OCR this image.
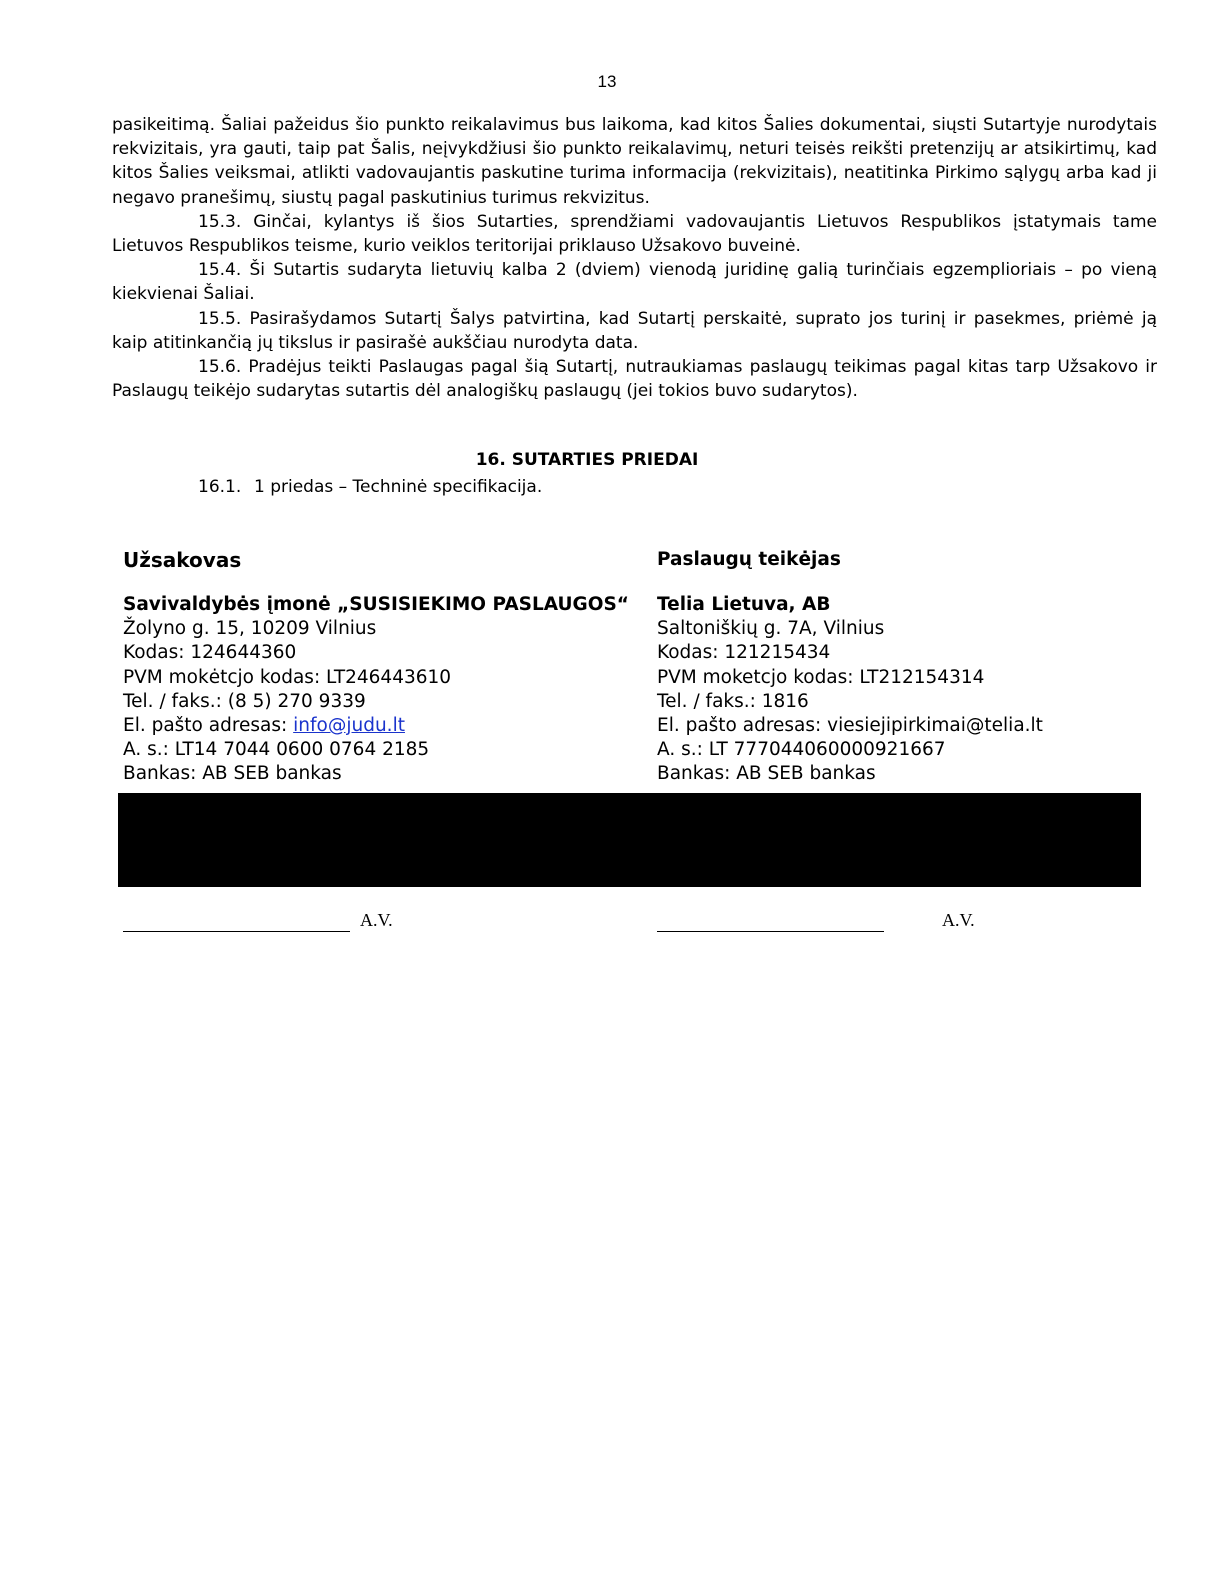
13

pasikeitimą. Šaliai pažeidus šio punkto reikalavimus bus laikoma, kad kitos Šalies dokumentai, siųsti Sutartyje nurodytais rekvizitais, yra gauti, taip pat Šalis, neįvykdžiusi šio punkto reikalavimų, neturi teisės reikšti pretenzijų ar atsikirtimų, kad kitos Šalies veiksmai, atlikti vadovaujantis paskutine turima informacija (rekvizitais), neatitinka Pirkimo sąlygų arba kad ji negavo pranešimų, siustų pagal paskutinius turimus rekvizitus.

15.3. Ginčai, kylantys iš šios Sutarties, sprendžiami vadovaujantis Lietuvos Respublikos įstatymais tame Lietuvos Respublikos teisme, kurio veiklos teritorijai priklauso Užsakovo buveinė.

15.4. Ši Sutartis sudaryta lietuvių kalba 2 (dviem) vienodą juridinę galią turinčiais egzemplioriais – po vieną kiekvienai Šaliai.

15.5. Pasirašydamos Sutartį Šalys patvirtina, kad Sutartį perskaitė, suprato jos turinį ir pasekmes, priėmė ją kaip atitinkančią jų tikslus ir pasirašė aukščiau nurodyta data.

15.6. Pradėjus teikti Paslaugas pagal šią Sutartį, nutraukiamas paslaugų teikimas pagal kitas tarp Užsakovo ir Paslaugų teikėjo sudarytas sutartis dėl analogiškų paslaugų (jei tokios buvo sudarytos).

16. SUTARTIES PRIEDAI
16.1. 1 priedas – Techninė specifikacija.
Užsakovas
Savivaldybės įmonė „SUSISIEKIMO PASLAUGOS“
Žolyno g. 15, 10209 Vilnius
Kodas: 124644360
PVM mokėtcjo kodas: LT246443610
Tel. / faks.: (8 5) 270 9339
El. pašto adresas: info@judu.lt
A. s.: LT14 7044 0600 0764 2185
Bankas: AB SEB bankas
Paslaugų teikėjas
Telia Lietuva, AB
Saltoniškių g. 7A, Vilnius
Kodas: 121215434
PVM moketcjo kodas: LT212154314
Tel. / faks.: 1816
El. pašto adresas: viesiejipirkimai@telia.lt
A. s.: LT 777044060000921667
Bankas: AB SEB bankas
A.V.	A.V.
